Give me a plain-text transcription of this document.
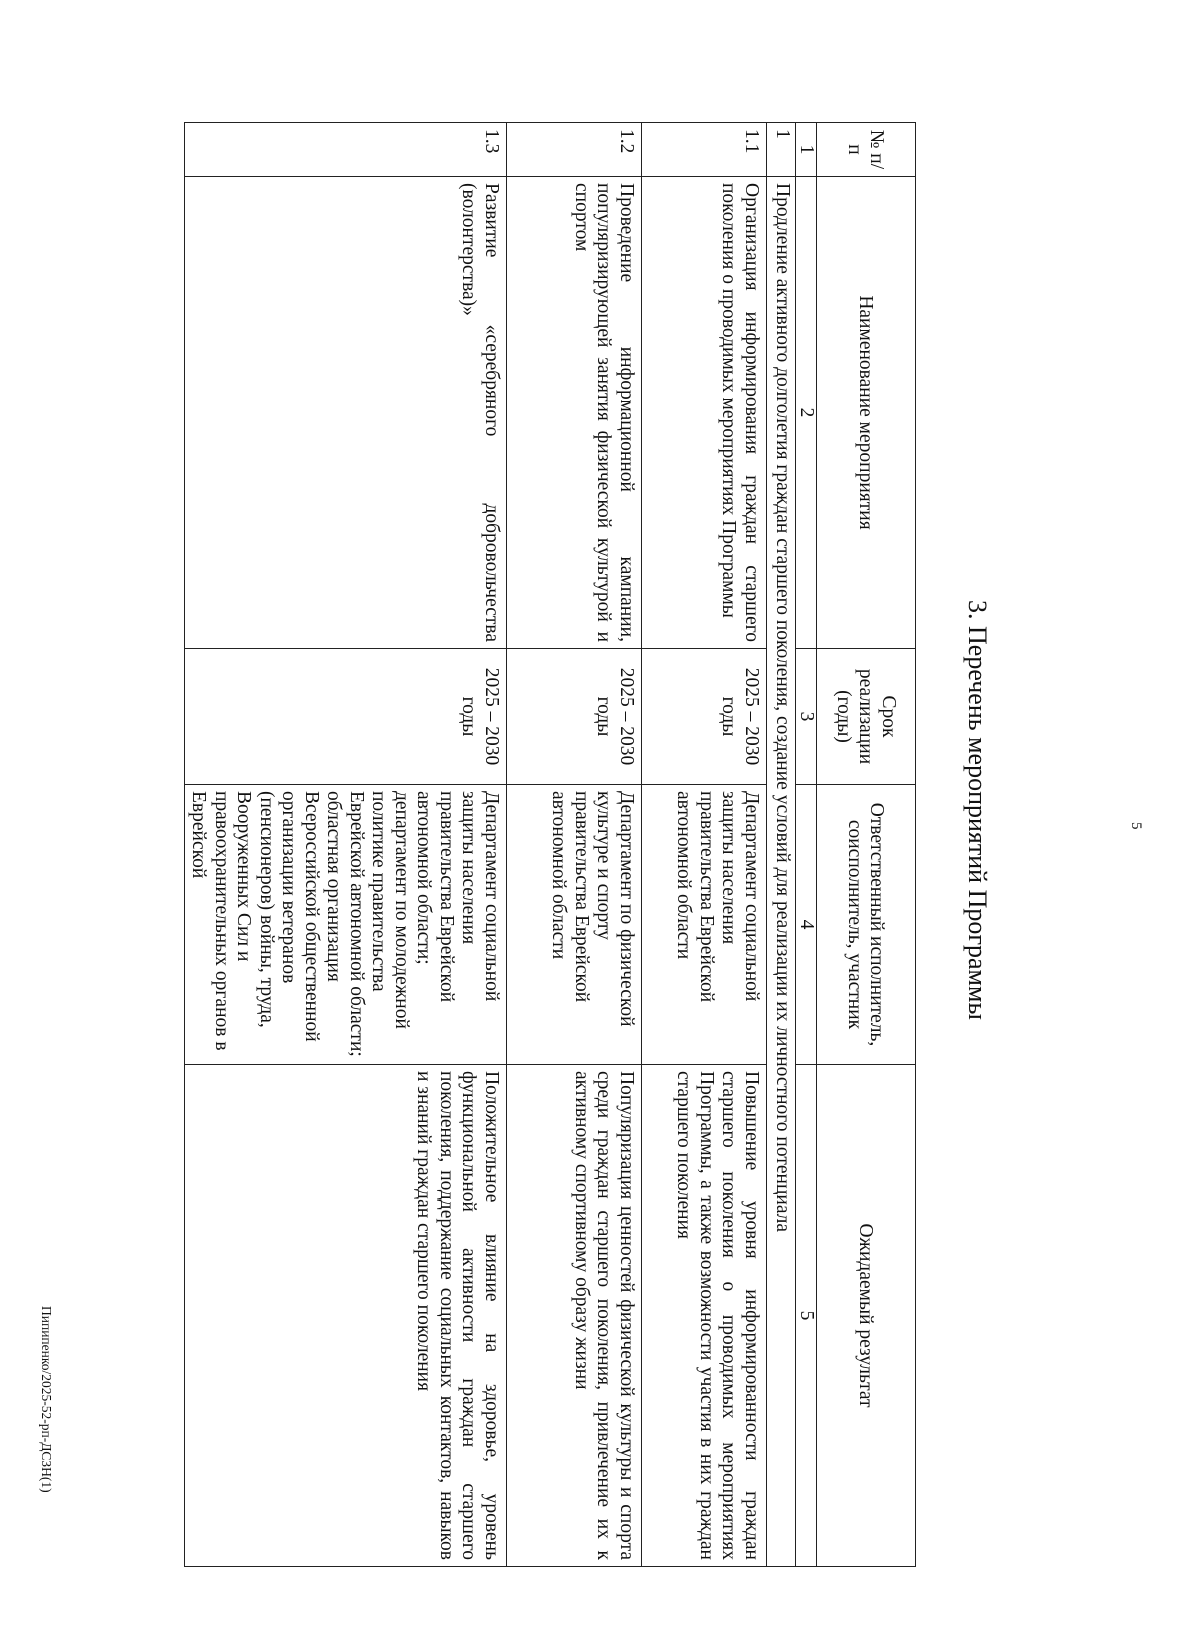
5
3. Перечень мероприятий Программы
№ п/п	Наименование мероприятия	Срок реализации (годы)	Ответственный исполнитель, соисполнитель, участник	Ожидаемый результат
1	2	3	4	5
1	Продление активного долголетия граждан старшего поколения, создание условий для реализации их личностного потенциала			
1.1	Организация информирования граждан старшего поколения о проводимых мероприятиях Программы	2025 – 2030 годы	Департамент социальной защиты населения правительства Еврейской автономной области	Повышение уровня информированности граждан старшего поколения о проводимых мероприятиях Программы, а также возможности участия в них граждан старшего поколения
1.2	Проведение информационной кампании, популяризирующей занятия физической культурой и спортом	2025 – 2030 годы	Департамент по физической культуре и спорту правительства Еврейской автономной области	Популяризация ценностей физической культуры и спорта среди граждан старшего поколения, привлечение их к активному спортивному образу жизни
1.3	Развитие «серебряного добровольчества (волонтерства)»	2025 – 2030 годы	Департамент социальной защиты населения правительства Еврейской автономной области; департамент по молодежной политике правительства Еврейской автономной области; областная организация Всероссийской общественной организации ветеранов (пенсионеров) войны, труда, Вооруженных Сил и правоохранительных органов в Еврейской	Положительное влияние на здоровье, уровень функциональной активности граждан старшего поколения, поддержание социальных контактов, навыков и знаний граждан старшего поколения
Пипипенко/2025-52-рп-ДСЗН(1)
